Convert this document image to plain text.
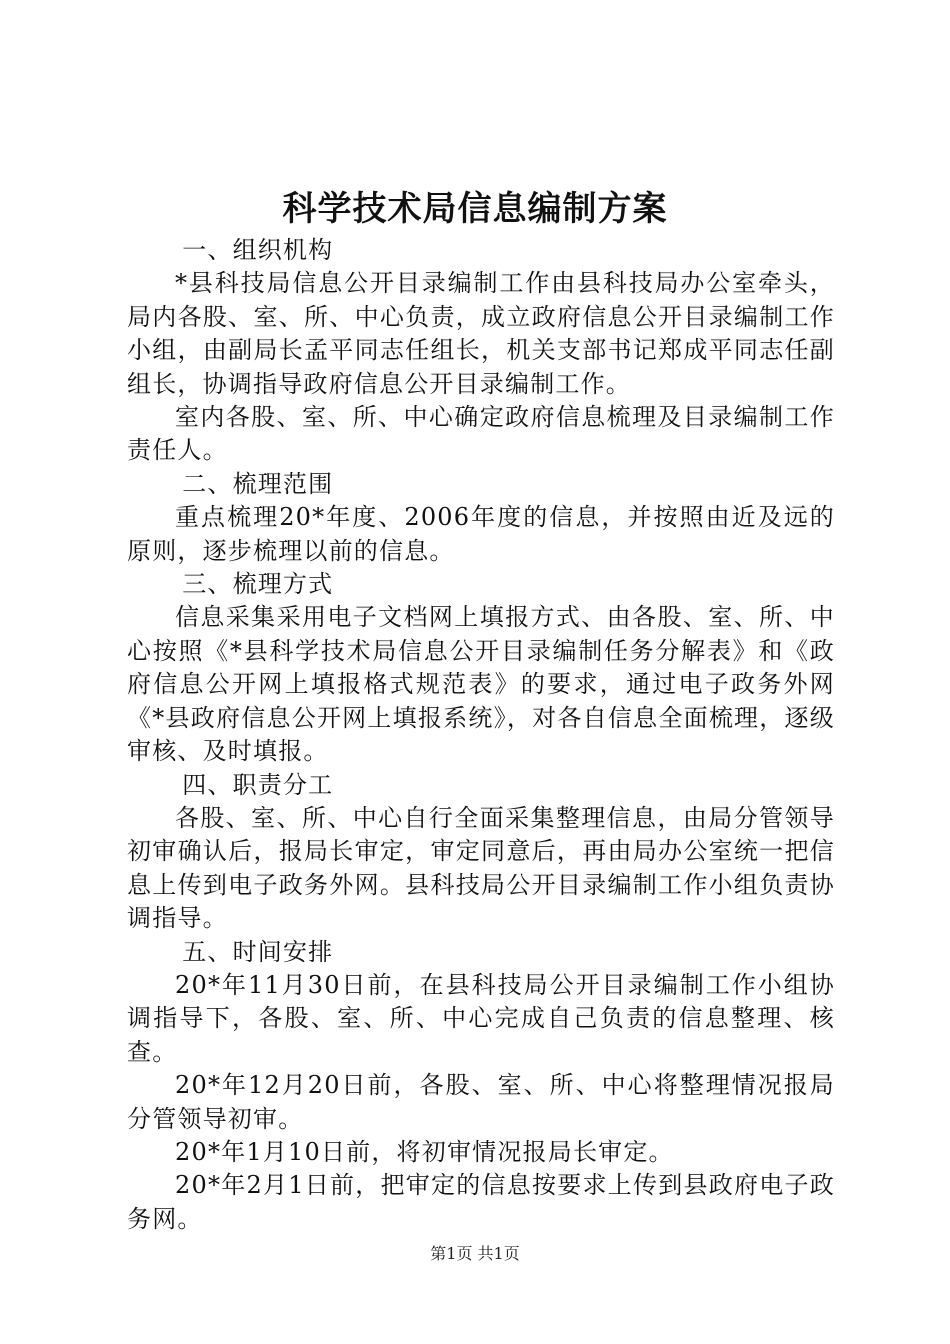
科学技术局信息编制方案

一、组织机构

*县科技局信息公开目录编制工作由县科技局办公室牵头，局内各股、室、所、中心负责，成立政府信息公开目录编制工作小组，由副局长孟平同志任组长，机关支部书记郑成平同志任副组长，协调指导政府信息公开目录编制工作。

室内各股、室、所、中心确定政府信息梳理及目录编制工作责任人。

二、梳理范围

重点梳理20*年度、2006年度的信息，并按照由近及远的原则，逐步梳理以前的信息。

三、梳理方式

信息采集采用电子文档网上填报方式、由各股、室、所、中心按照《*县科学技术局信息公开目录编制任务分解表》和《政府信息公开网上填报格式规范表》的要求，通过电子政务外网《*县政府信息公开网上填报系统》，对各自信息全面梳理，逐级审核、及时填报。

四、职责分工

各股、室、所、中心自行全面采集整理信息，由局分管领导初审确认后，报局长审定，审定同意后，再由局办公室统一把信息上传到电子政务外网。县科技局公开目录编制工作小组负责协调指导。

五、时间安排

20*年11月30日前，在县科技局公开目录编制工作小组协调指导下，各股、室、所、中心完成自己负责的信息整理、核查。

20*年12月20日前，各股、室、所、中心将整理情况报局分管领导初审。

20*年1月10日前，将初审情况报局长审定。

20*年2月1日前，把审定的信息按要求上传到县政府电子政务网。

第1页 共1页
